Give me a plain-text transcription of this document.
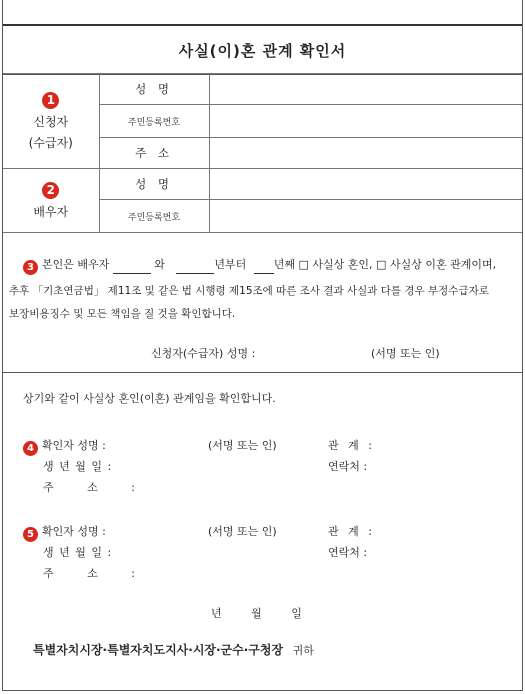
사실(이)혼 관계 확인서
1
신청자
(수급자)	성 명	
	주민등록번호	
	주 소	
2
배우자	성 명	
	주민등록번호	
3 본인은 배우자	와	년부터	년째 □ 사실상 혼인, □ 사실상 이혼 관계이며,
추후 「기초연금법」 제11조 및 같은 법 시행령 제15조에 따른 조사 결과 사실과 다를 경우 부정수급자로
보장비용징수 및 모든 책임을 질 것을 확인합니다.
신청자(수급자) 성명 :	(서명 또는 인)
상기와 같이 사실상 혼인(이혼) 관계임을 확인합니다.
4 확인자 성명 :	(서명 또는 인)	관 계 :
생 년 월 일 :	연락처 :
주 소 :
5 확인자 성명 :	(서명 또는 인)	관 계 :
생 년 월 일 :	연락처 :
주 소 :
년 월 일
특별자치시장·특별자치도지사·시장·군수·구청장 귀하
